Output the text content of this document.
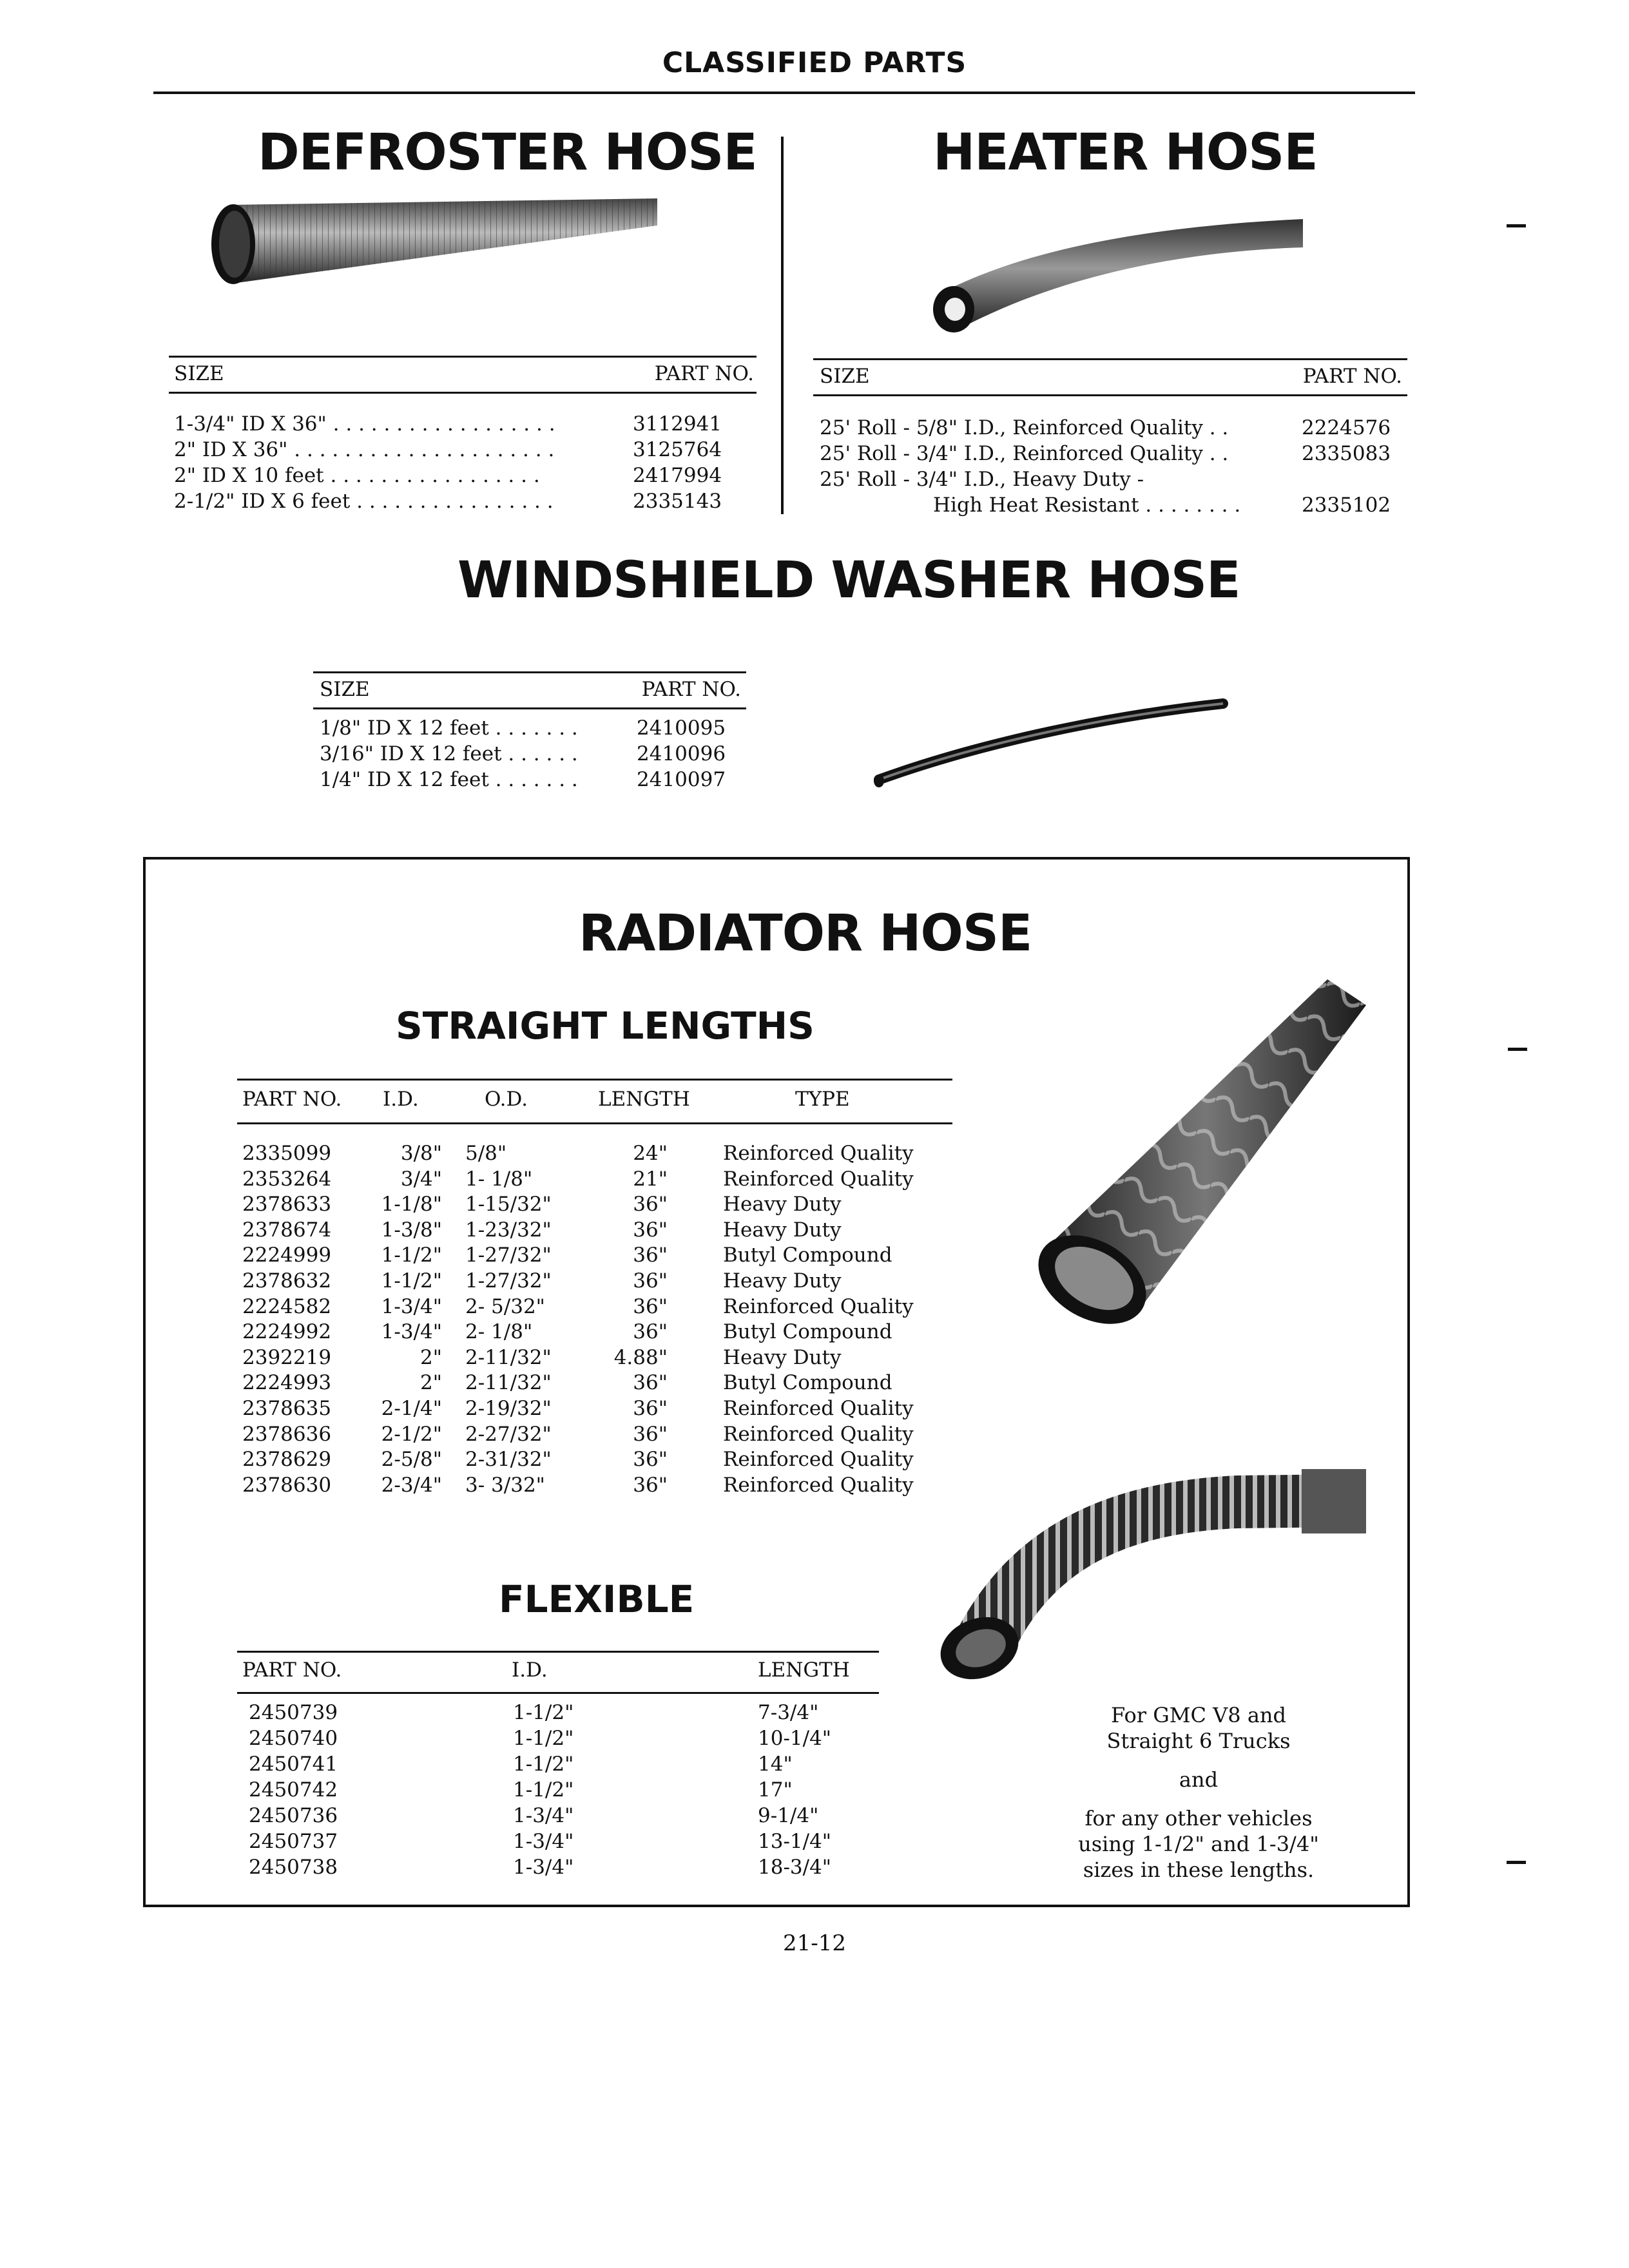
CLASSIFIED PARTS
DEFROSTER HOSE
SIZE	PART NO.
1-3/4" ID X 36" . . . . . . . . . . . . . . . . . .	3112941
2" ID X 36" . . . . . . . . . . . . . . . . . . . . .	3125764
2" ID X 10 feet . . . . . . . . . . . . . . . . .	2417994
2-1/2" ID X 6 feet . . . . . . . . . . . . . . . .	2335143
HEATER HOSE
SIZE	PART NO.
25' Roll - 5/8" I.D., Reinforced Quality . .	2224576
25' Roll - 3/4" I.D., Reinforced Quality . .	2335083
25' Roll - 3/4" I.D., Heavy Duty -
High Heat Resistant . . . . . . . .	2335102
WINDSHIELD WASHER HOSE
SIZE	PART NO.
1/8" ID X 12 feet . . . . . . .	2410095
3/16" ID X 12 feet . . . . . .	2410096
1/4" ID X 12 feet . . . . . . .	2410097
RADIATOR HOSE
STRAIGHT LENGTHS
PART NO. I.D.	O.D.	LENGTH	TYPE
2335099	3/8" 5/8"	24"	Reinforced Quality
2353264	3/4" 1- 1/8"	21"	Reinforced Quality
2378633	1-1/8" 1-15/32"	36"	Heavy Duty
2378674	1-3/8" 1-23/32"	36"	Heavy Duty
2224999	1-1/2" 1-27/32"	36"	Butyl Compound
2378632	1-1/2" 1-27/32"	36"	Heavy Duty
2224582	1-3/4" 2- 5/32"	36"	Reinforced Quality
2224992	1-3/4" 2- 1/8"	36"	Butyl Compound
2392219	2" 2-11/32"	4.88"	Heavy Duty
2224993	2" 2-11/32"	36"	Butyl Compound
2378635	2-1/4" 2-19/32"	36"	Reinforced Quality
2378636	2-1/2" 2-27/32"	36"	Reinforced Quality
2378629	2-5/8" 2-31/32"	36"	Reinforced Quality
2378630	2-3/4" 3- 3/32"	36"	Reinforced Quality
FLEXIBLE
PART NO.	I.D.	LENGTH
2450739	1-1/2"	7-3/4"
2450740	1-1/2"	10-1/4"
2450741	1-1/2"	14"
2450742	1-1/2"	17"
2450736	1-3/4"	9-1/4"
2450737	1-3/4"	13-1/4"
2450738	1-3/4"	18-3/4"
For GMC V8 and
Straight 6 Trucks
and
for any other vehicles
using 1-1/2" and 1-3/4"
sizes in these lengths.
21-12
